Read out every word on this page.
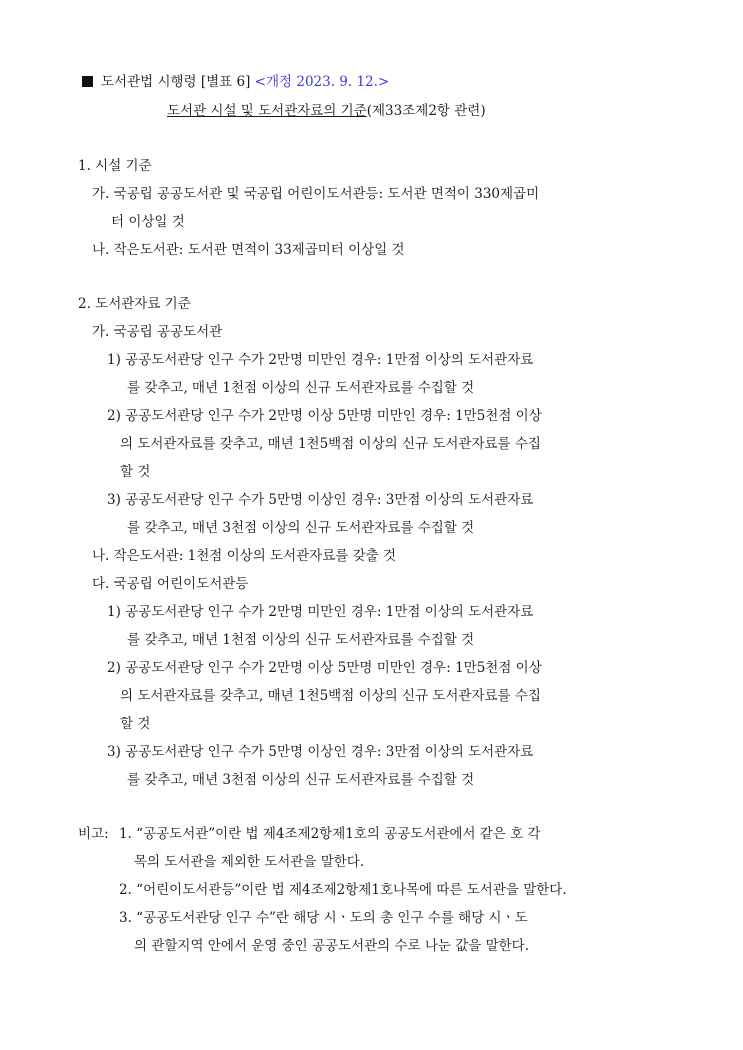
도서관법 시행령 [별표 6] <개정 2023. 9. 12.>
도서관 시설 및 도서관자료의 기준(제33조제2항 관련)
1. 시설 기준
가. 국공립 공공도서관 및 국공립 어린이도서관등: 도서관 면적이 330제곱미
터 이상일 것
나. 작은도서관: 도서관 면적이 33제곱미터 이상일 것
2. 도서관자료 기준
가. 국공립 공공도서관
1) 공공도서관당 인구 수가 2만명 미만인 경우: 1만점 이상의 도서관자료
를 갖추고, 매년 1천점 이상의 신규 도서관자료를 수집할 것
2) 공공도서관당 인구 수가 2만명 이상 5만명 미만인 경우: 1만5천점 이상
의 도서관자료를 갖추고, 매년 1천5백점 이상의 신규 도서관자료를 수집
할 것
3) 공공도서관당 인구 수가 5만명 이상인 경우: 3만점 이상의 도서관자료
를 갖추고, 매년 3천점 이상의 신규 도서관자료를 수집할 것
나. 작은도서관: 1천점 이상의 도서관자료를 갖출 것
다. 국공립 어린이도서관등
1) 공공도서관당 인구 수가 2만명 미만인 경우: 1만점 이상의 도서관자료
를 갖추고, 매년 1천점 이상의 신규 도서관자료를 수집할 것
2) 공공도서관당 인구 수가 2만명 이상 5만명 미만인 경우: 1만5천점 이상
의 도서관자료를 갖추고, 매년 1천5백점 이상의 신규 도서관자료를 수집
할 것
3) 공공도서관당 인구 수가 5만명 이상인 경우: 3만점 이상의 도서관자료
를 갖추고, 매년 3천점 이상의 신규 도서관자료를 수집할 것
비고: 1. “공공도서관”이란 법 제4조제2항제1호의 공공도서관에서 같은 호 각
목의 도서관을 제외한 도서관을 말한다.
2. “어린이도서관등”이란 법 제4조제2항제1호나목에 따른 도서관을 말한다.
3. “공공도서관당 인구 수”란 해당 시ㆍ도의 총 인구 수를 해당 시ㆍ도
의 관할지역 안에서 운영 중인 공공도서관의 수로 나눈 값을 말한다.
